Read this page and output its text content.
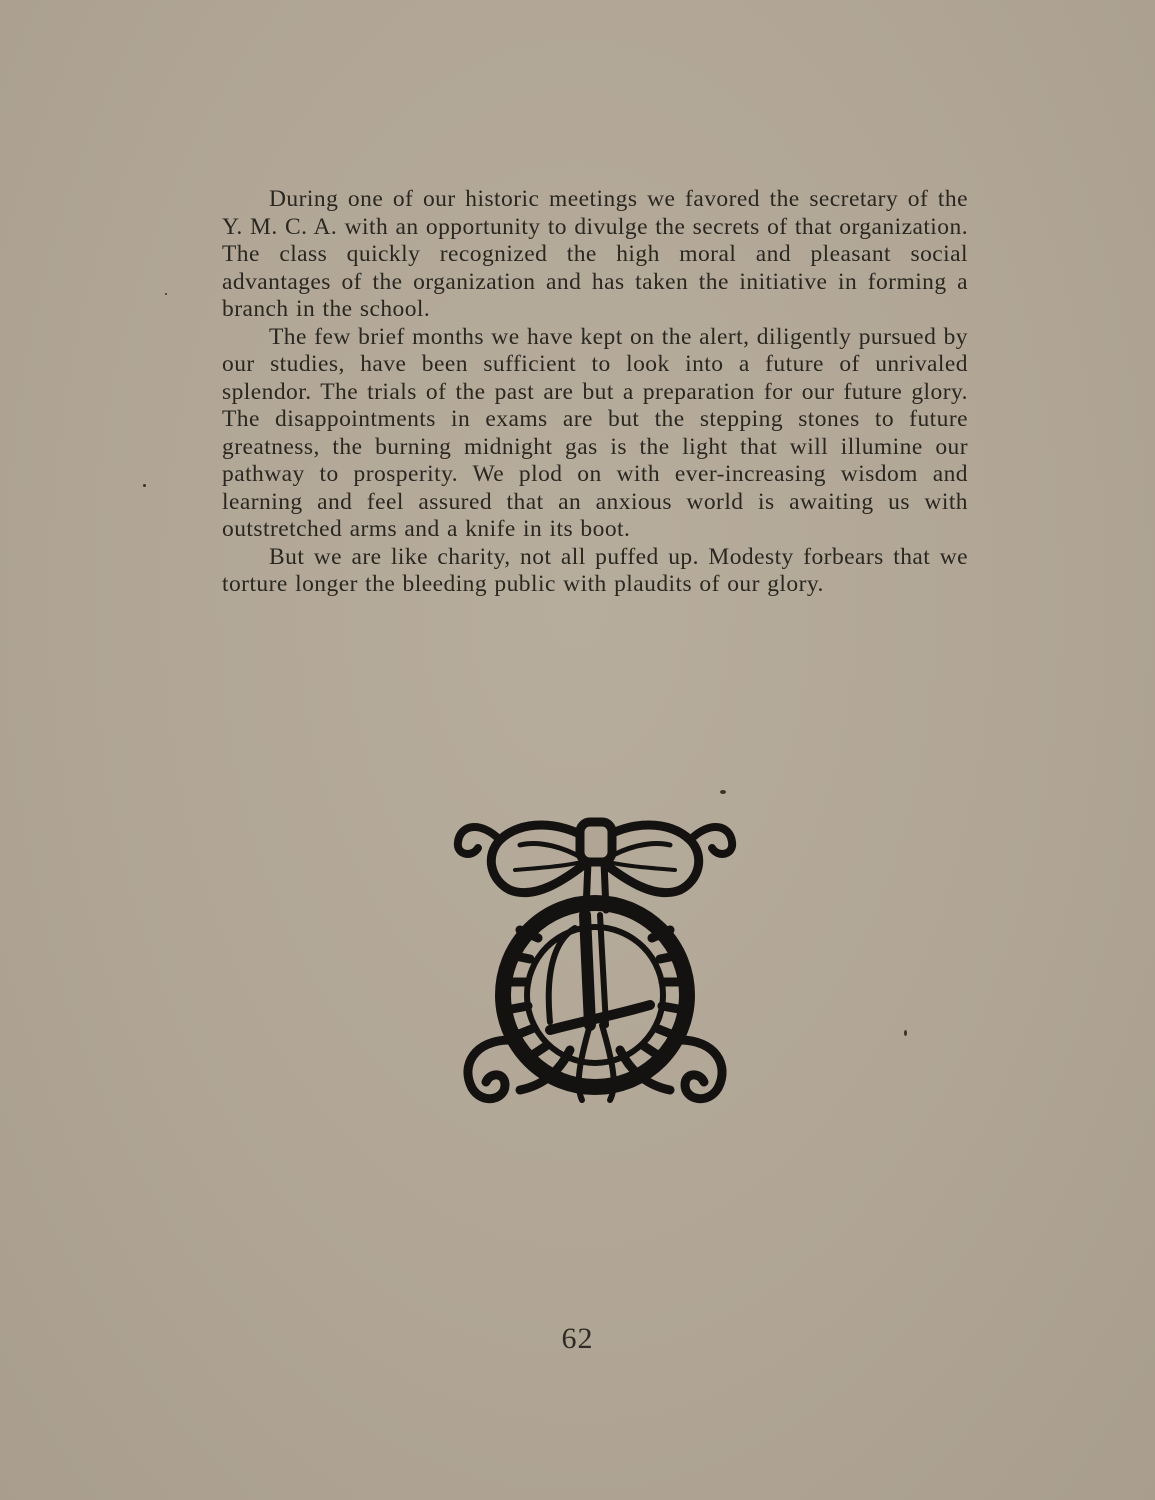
During one of our historic meetings we favored the secretary of the Y. M. C. A. with an opportunity to divulge the secrets of that organization. The class quickly recognized the high moral and pleasant social advantages of the organization and has taken the initiative in forming a branch in the school.

The few brief months we have kept on the alert, diligently pursued by our studies, have been sufficient to look into a future of unrivaled splendor. The trials of the past are but a preparation for our future glory. The disappointments in exams are but the stepping stones to future greatness, the burning midnight gas is the light that will illumine our pathway to prosperity. We plod on with ever-increasing wisdom and learning and feel assured that an anxious world is awaiting us with outstretched arms and a knife in its boot.

But we are like charity, not all puffed up. Modesty forbears that we torture longer the bleeding public with plaudits of our glory.

62
